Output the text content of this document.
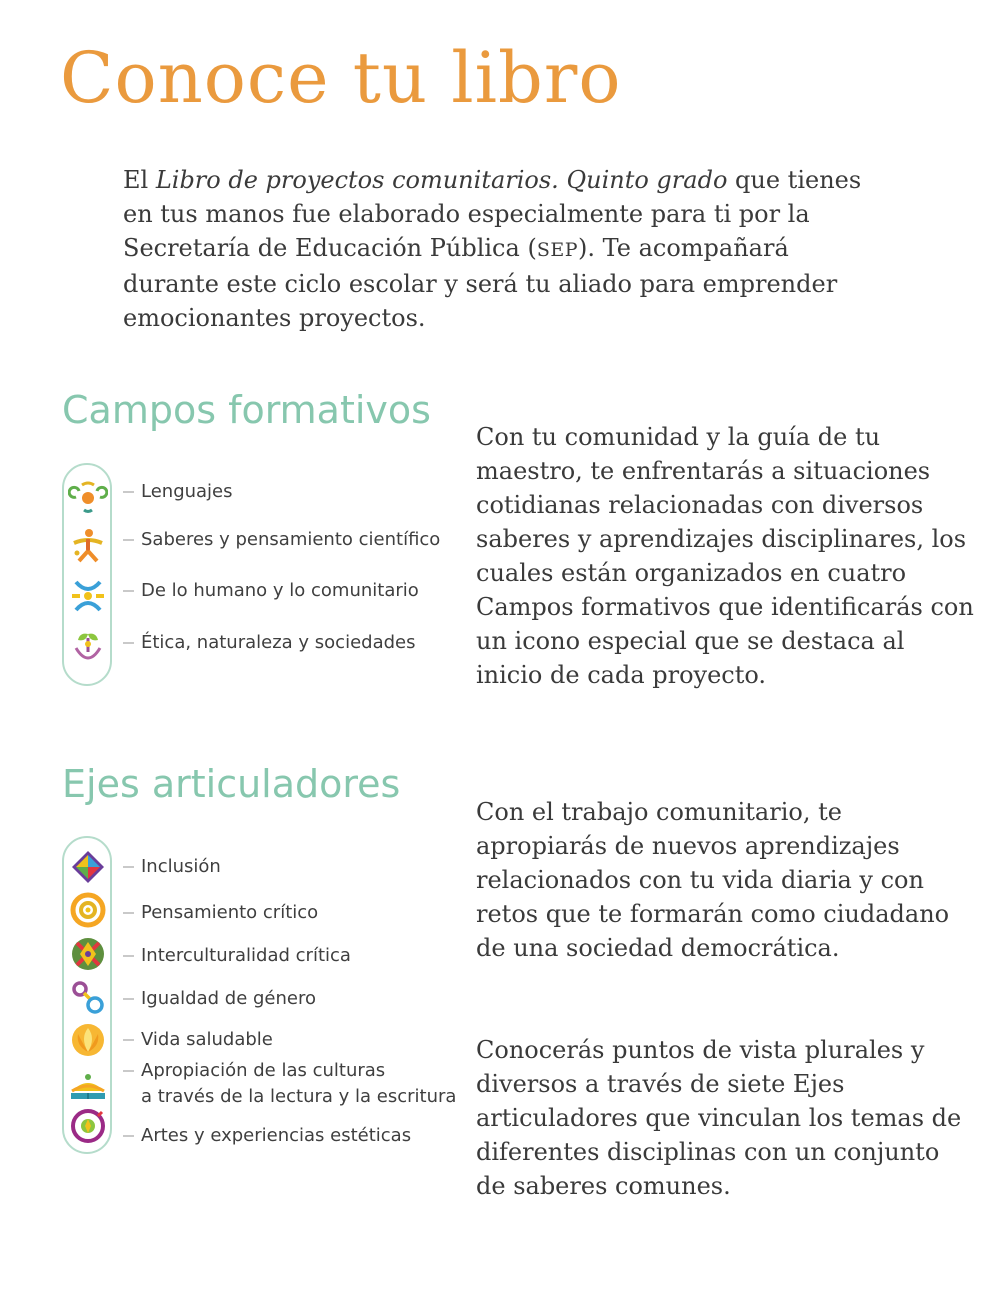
Conoce tu libro
El Libro de proyectos comunitarios. Quinto grado que tienes en tus manos fue elaborado especialmente para ti por la Secretaría de Educación Pública (SEP). Te acompañará durante este ciclo escolar y será tu aliado para emprender emocionantes proyectos.
Campos formativos
Lenguajes
Saberes y pensamiento científico
De lo humano y lo comunitario
Ética, naturaleza y sociedades
Ejes articuladores
Inclusión
Pensamiento crítico
Interculturalidad crítica
Igualdad de género
Vida saludable
Apropiación de las culturas
a través de la lectura y la escritura
Artes y experiencias estéticas
Con tu comunidad y la guía de tu maestro, te enfrentarás a situaciones cotidianas relacionadas con diversos saberes y aprendizajes disciplinares, los cuales están organizados en cuatro Campos formativos que identificarás con un icono especial que se destaca al inicio de cada proyecto.
Con el trabajo comunitario, te apropiarás de nuevos aprendizajes relacionados con tu vida diaria y con retos que te formarán como ciudadano de una sociedad democrática.
Conocerás puntos de vista plurales y diversos a través de siete Ejes articuladores que vinculan los temas de diferentes disciplinas con un conjunto de saberes comunes.
